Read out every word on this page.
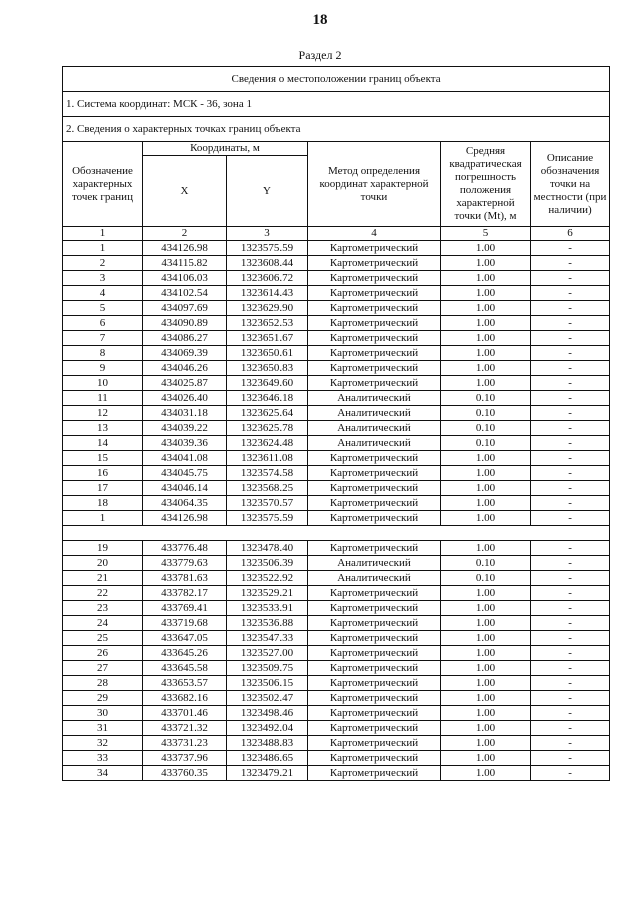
18
Раздел 2
Сведения о местоположении границ объекта					
1. Система координат: МСК - 36, зона 1					
2. Сведения о характерных точках границ объекта					
Обозначение характерных точек границ	Координаты, м		Метод определения координат характерной точки	Средняя квадратическая погрешность положения характерной точки (Mt), м	Описание обозначения точки на местности (при наличии)
	X	Y			
1	2	3	4	5	6
1	434126.98	1323575.59	Картометрический	1.00	-
2	434115.82	1323608.44	Картометрический	1.00	-
3	434106.03	1323606.72	Картометрический	1.00	-
4	434102.54	1323614.43	Картометрический	1.00	-
5	434097.69	1323629.90	Картометрический	1.00	-
6	434090.89	1323652.53	Картометрический	1.00	-
7	434086.27	1323651.67	Картометрический	1.00	-
8	434069.39	1323650.61	Картометрический	1.00	-
9	434046.26	1323650.83	Картометрический	1.00	-
10	434025.87	1323649.60	Картометрический	1.00	-
11	434026.40	1323646.18	Аналитический	0.10	-
12	434031.18	1323625.64	Аналитический	0.10	-
13	434039.22	1323625.78	Аналитический	0.10	-
14	434039.36	1323624.48	Аналитический	0.10	-
15	434041.08	1323611.08	Картометрический	1.00	-
16	434045.75	1323574.58	Картометрический	1.00	-
17	434046.14	1323568.25	Картометрический	1.00	-
18	434064.35	1323570.57	Картометрический	1.00	-
1	434126.98	1323575.59	Картометрический	1.00	-

19	433776.48	1323478.40	Картометрический	1.00	-
20	433779.63	1323506.39	Аналитический	0.10	-
21	433781.63	1323522.92	Аналитический	0.10	-
22	433782.17	1323529.21	Картометрический	1.00	-
23	433769.41	1323533.91	Картометрический	1.00	-
24	433719.68	1323536.88	Картометрический	1.00	-
25	433647.05	1323547.33	Картометрический	1.00	-
26	433645.26	1323527.00	Картометрический	1.00	-
27	433645.58	1323509.75	Картометрический	1.00	-
28	433653.57	1323506.15	Картометрический	1.00	-
29	433682.16	1323502.47	Картометрический	1.00	-
30	433701.46	1323498.46	Картометрический	1.00	-
31	433721.32	1323492.04	Картометрический	1.00	-
32	433731.23	1323488.83	Картометрический	1.00	-
33	433737.96	1323486.65	Картометрический	1.00	-
34	433760.35	1323479.21	Картометрический	1.00	-
